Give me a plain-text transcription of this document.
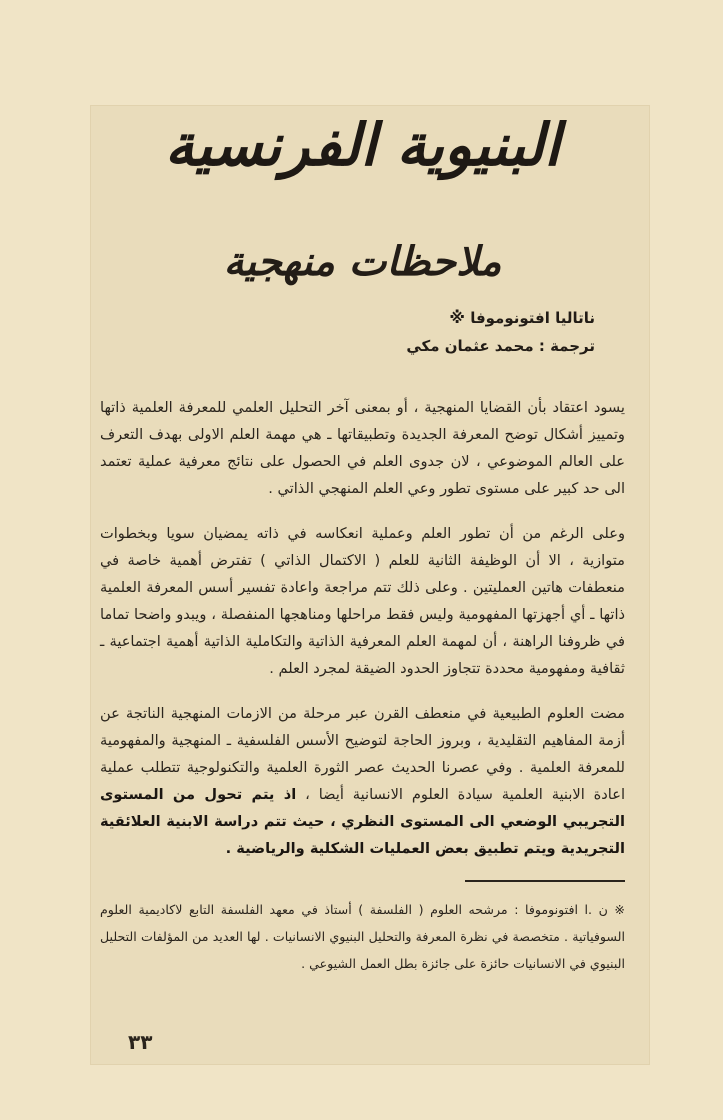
البنيوية الفرنسية
ملاحظات منهجية
ناتاليا افتونوموفا ※
ترجمة : محمد عثمان مكي

يسود اعتقاد بأن القضايا المنهجية ، أو بمعنى آخر التحليل العلمي للمعرفة العلمية ذاتها وتمييز أشكال توضح المعرفة الجديدة وتطبيقاتها ـ هي مهمة العلم الاولى بهدف التعرف على العالم الموضوعي ، لان جدوى العلم في الحصول على نتائج معرفية عملية تعتمد الى حد كبير على مستوى تطور وعي العلم المنهجي الذاتي .

وعلى الرغم من أن تطور العلم وعملية انعكاسه في ذاته يمضيان سويا وبخطوات متوازية ، الا أن الوظيفة الثانية للعلم ( الاكتمال الذاتي ) تفترض أهمية خاصة في منعطفات هاتين العمليتين . وعلى ذلك تتم مراجعة واعادة تفسير أسس المعرفة العلمية ذاتها ـ أي أجهزتها المفهومية وليس فقط مراحلها ومناهجها المنفصلة ، ويبدو واضحا تماما في ظروفنا الراهنة ، أن لمهمة العلم المعرفية الذاتية والتكاملية الذاتية أهمية اجتماعية ـ ثقافية ومفهومية محددة تتجاوز الحدود الضيقة لمجرد العلم .

مضت العلوم الطبيعية في منعطف القرن عبر مرحلة من الازمات المنهجية الناتجة عن أزمة المفاهيم التقليدية ، وبروز الحاجة لتوضيح الأسس الفلسفية ـ المنهجية والمفهومية للمعرفة العلمية . وفي عصرنا الحديث عصر الثورة العلمية والتكنولوجية تتطلب عملية اعادة الابنية العلمية سيادة العلوم الانسانية أيضا ، اذ يتم تحول من المستوى التجريبي الوضعي الى المستوى النظري ، حيث تتم دراسة الابنية العلائقية التجريدية ويتم تطبيق بعض العمليات الشكلية والرياضية .

※ ن .ا افتونوموفا : مرشحه العلوم ( الفلسفة ) أستاذ في معهد الفلسفة التابع لاكاديمية العلوم السوفياتية . متخصصة في نظرة المعرفة والتحليل البنيوي الانسانيات . لها العديد من المؤلفات التحليل البنيوي في الانسانيات حائزة على جائزة بطل العمل الشيوعي .

٣٣
